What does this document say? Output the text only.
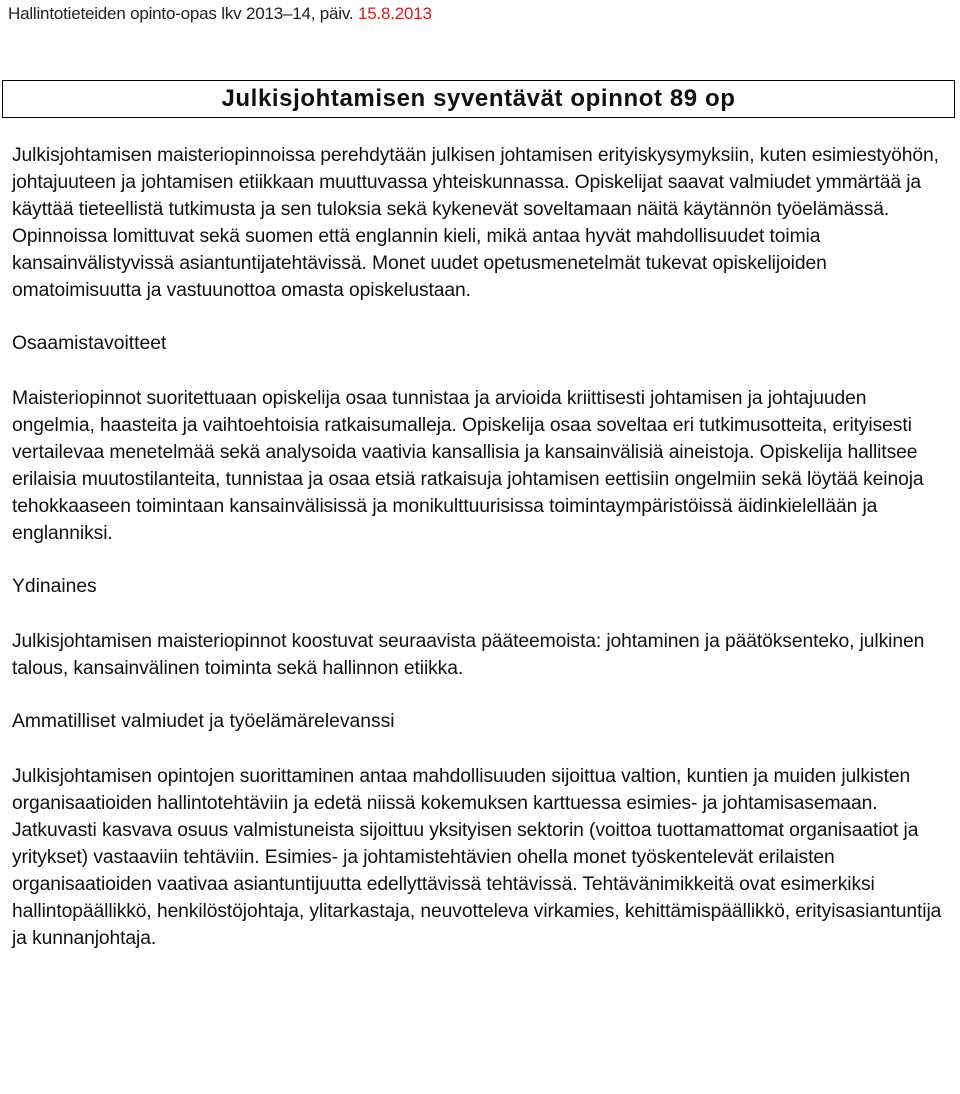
Hallintotieteiden opinto-opas lkv 2013–14, päiv. 15.8.2013
Julkisjohtamisen syventävät opinnot 89 op

Julkisjohtamisen maisteriopinnoissa perehdytään julkisen johtamisen erityiskysymyksiin, kuten esimiestyöhön, johtajuuteen ja johtamisen etiikkaan muuttuvassa yhteiskunnassa. Opiskelijat saavat valmiudet ymmärtää ja käyttää tieteellistä tutkimusta ja sen tuloksia sekä kykenevät soveltamaan näitä käytännön työelämässä. Opinnoissa lomittuvat sekä suomen että englannin kieli, mikä antaa hyvät mahdollisuudet toimia kansainvälistyvissä asiantuntijatehtävissä. Monet uudet opetusmenetelmät tukevat opiskelijoiden omatoimisuutta ja vastuunottoa omasta opiskelustaan.

Osaamistavoitteet

Maisteriopinnot suoritettuaan opiskelija osaa tunnistaa ja arvioida kriittisesti johtamisen ja johtajuuden ongelmia, haasteita ja vaihtoehtoisia ratkaisumalleja. Opiskelija osaa soveltaa eri tutkimusotteita, erityisesti vertailevaa menetelmää sekä analysoida vaativia kansallisia ja kansainvälisiä aineistoja. Opiskelija hallitsee erilaisia muutostilanteita, tunnistaa ja osaa etsiä ratkaisuja johtamisen eettisiin ongelmiin sekä löytää keinoja tehokkaaseen toimintaan kansainvälisissä ja monikulttuurisissa toimintaympäristöissä äidinkielellään ja englanniksi.

Ydinaines

Julkisjohtamisen maisteriopinnot koostuvat seuraavista pääteemoista: johtaminen ja päätöksenteko, julkinen talous, kansainvälinen toiminta sekä hallinnon etiikka.

Ammatilliset valmiudet ja työelämärelevanssi

Julkisjohtamisen opintojen suorittaminen antaa mahdollisuuden sijoittua valtion, kuntien ja muiden julkisten organisaatioiden hallintotehtäviin ja edetä niissä kokemuksen karttuessa esimies- ja johtamisasemaan. Jatkuvasti kasvava osuus valmistuneista sijoittuu yksityisen sektorin (voittoa tuottamattomat organisaatiot ja yritykset) vastaaviin tehtäviin. Esimies- ja johtamistehtävien ohella monet työskentelevät erilaisten organisaatioiden vaativaa asiantuntijuutta edellyttävissä tehtävissä. Tehtävänimikkeitä ovat esimerkiksi hallintopäällikkö, henkilöstöjohtaja, ylitarkastaja, neuvotteleva virkamies, kehittämispäällikkö, erityisasiantuntija ja kunnanjohtaja.
